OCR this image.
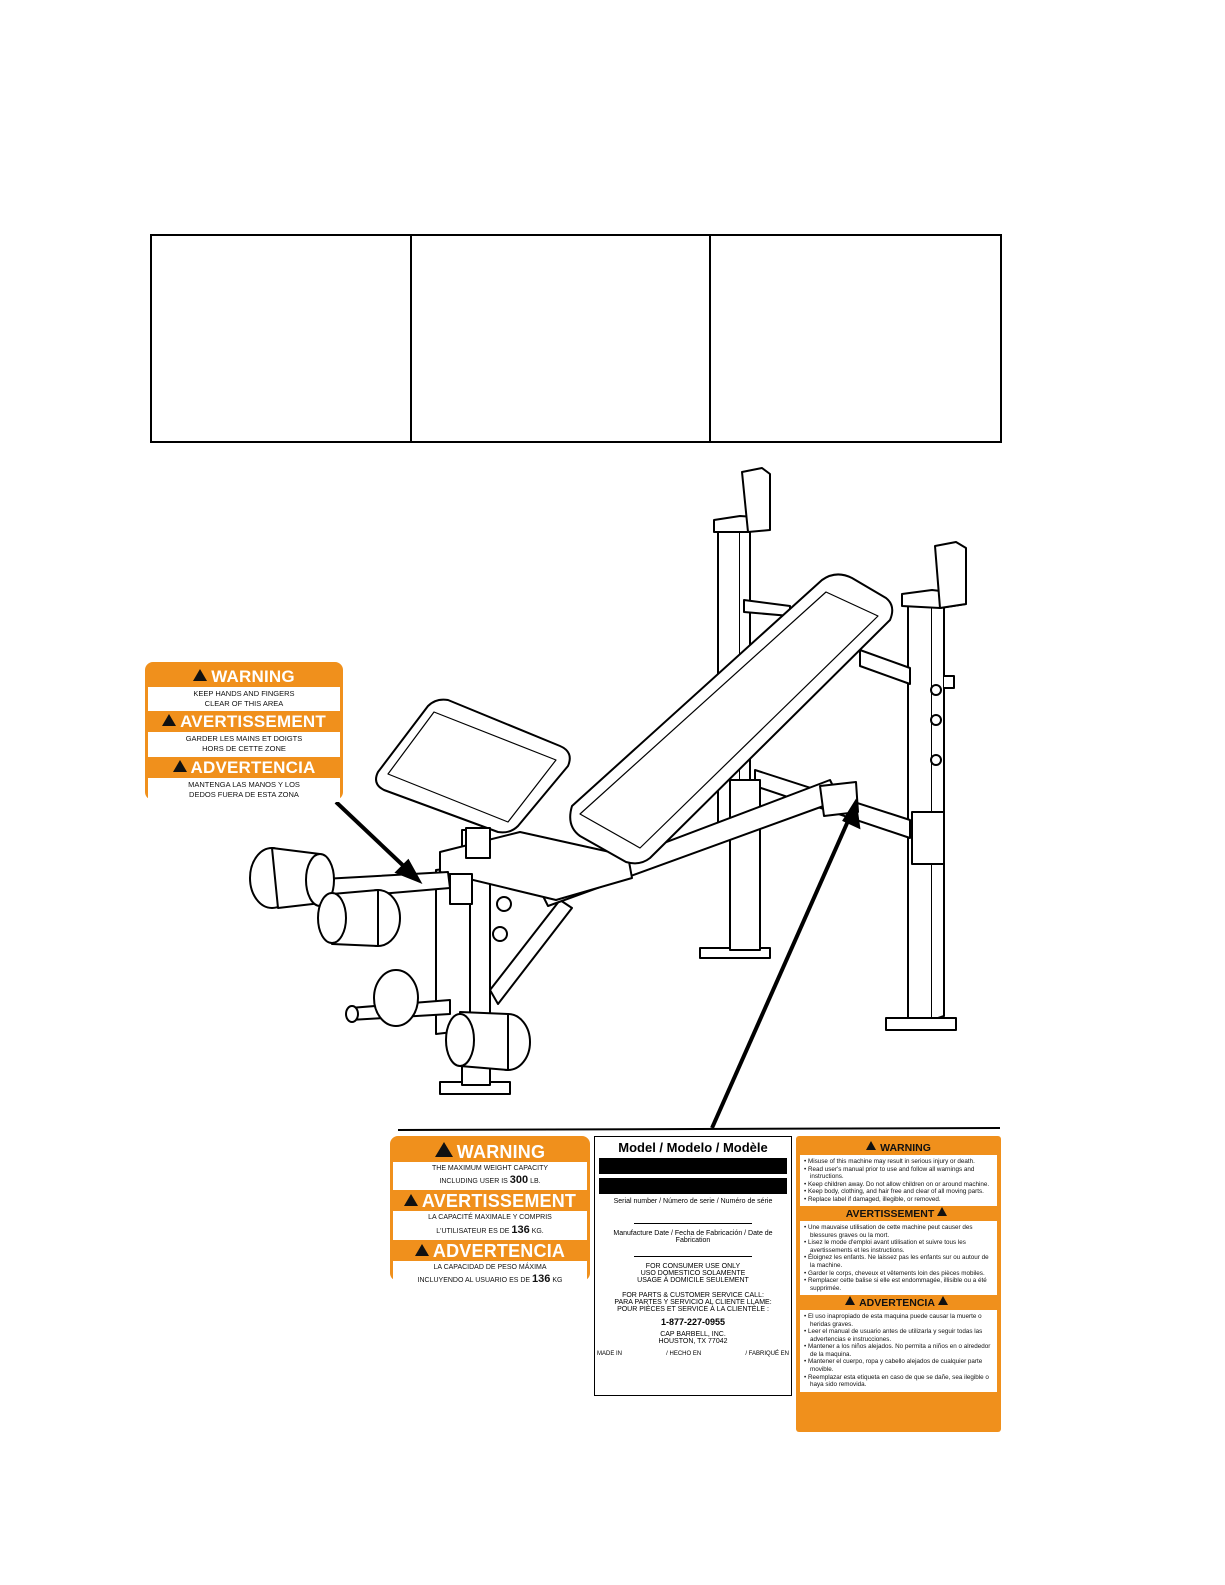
WARNING
KEEP HANDS AND FINGERS
CLEAR OF THIS AREA
AVERTISSEMENT
GARDER LES MAINS ET DOIGTS
HORS DE CETTE ZONE
ADVERTENCIA
MANTENGA LAS MANOS Y LOS
DEDOS FUERA DE ESTA ZONA
WARNING
THE MAXIMUM WEIGHT CAPACITY
INCLUDING USER IS 300 LB.
AVERTISSEMENT
LA CAPACITÉ MAXIMALE Y COMPRIS
L'UTILISATEUR ES DE 136 KG.
ADVERTENCIA
LA CAPACIDAD DE PESO MÁXIMA
INCLUYENDO AL USUARIO ES DE 136 KG
Model / Modelo / Modèle
Serial number / Número de serie / Numéro de série
Manufacture Date / Fecha de Fabricación / Date de Fabrication
FOR CONSUMER USE ONLY
USO DOMESTICO SOLAMENTE
USAGE À DOMICILE SEULEMENT
FOR PARTS & CUSTOMER SERVICE CALL:
PARA PARTES Y SERVICIO AL CLIENTE LLAME:
POUR PIÈCES ET SERVICE À LA CLIENTÈLE :
1-877-227-0955
CAP BARBELL, INC.
HOUSTON, TX 77042
MADE IN	/ HECHO EN	/ FABRIQUÉ EN
WARNING
• Misuse of this machine may result in serious injury or death.
• Read user's manual prior to use and follow all warnings and instructions.
• Keep children away. Do not allow children on or around machine.
• Keep body, clothing, and hair free and clear of all moving parts.
• Replace label if damaged, illegible, or removed.
AVERTISSEMENT
• Une mauvaise utilisation de cette machine peut causer des blessures graves ou la mort.
• Lisez le mode d'emploi avant utilisation et suivre tous les avertissements et les instructions.
• Éloignez les enfants. Ne laissez pas les enfants sur ou autour de la machine.
• Garder le corps, cheveux et vêtements loin des pièces mobiles.
• Remplacer cette balise si elle est endommagée, illisible ou a été supprimée.
ADVERTENCIA
• El uso inapropiado de esta maquina puede causar la muerte o heridas graves.
• Leer el manual de usuario antes de utilizarla y seguir todas las advertencias e instrucciones.
• Mantener a los niños alejados. No permita a niños en o alrededor de la maquina.
• Mantener el cuerpo, ropa y cabello alejados de cualquier parte movible.
• Reemplazar esta etiqueta en caso de que se dañe, sea ilegible o haya sido removida.
